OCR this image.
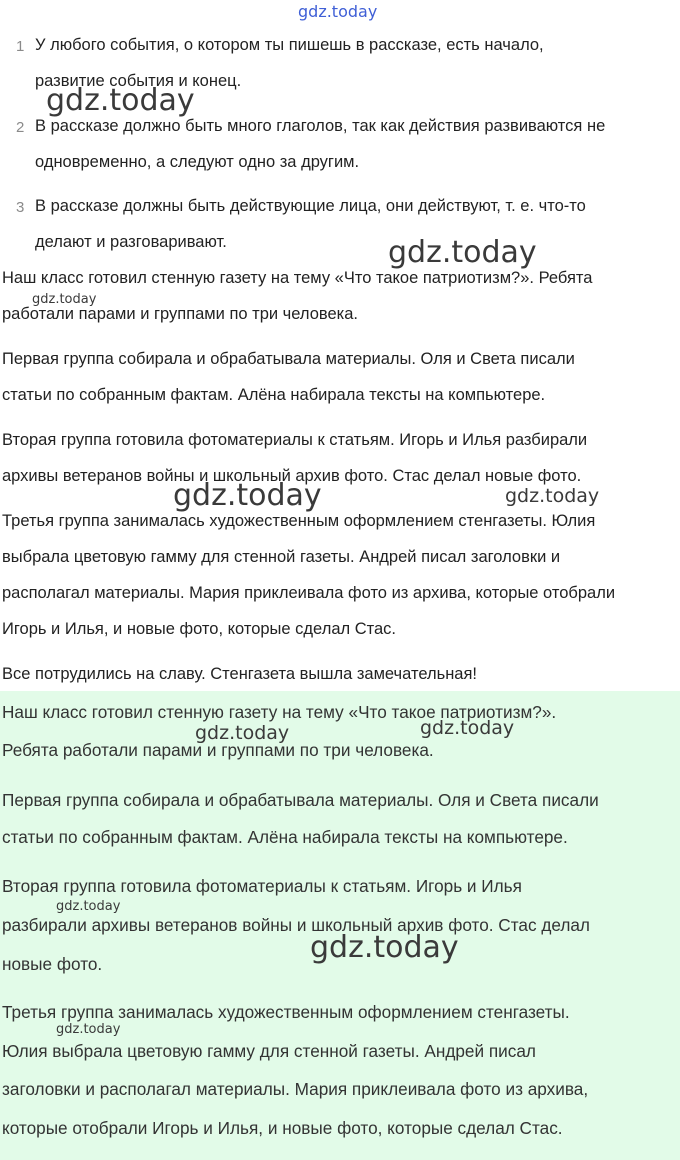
gdz.today
1 У любого события, о котором ты пишешь в рассказе, есть начало,
развитие события и конец.
2 В рассказе должно быть много глаголов, так как действия развиваются не
одновременно, а следуют одно за другим.
3 В рассказе должны быть действующие лица, они действуют, т. е. что-то
делают и разговаривают.
Наш класс готовил стенную газету на тему «Что такое патриотизм?». Ребята
работали парами и группами по три человека.
Первая группа собирала и обрабатывала материалы. Оля и Света писали
статьи по собранным фактам. Алёна набирала тексты на компьютере.
Вторая группа готовила фотоматериалы к статьям. Игорь и Илья разбирали
архивы ветеранов войны и школьный архив фото. Стас делал новые фото.
Третья группа занималась художественным оформлением стенгазеты. Юлия
выбрала цветовую гамму для стенной газеты. Андрей писал заголовки и
располагал материалы. Мария приклеивала фото из архива, которые отобрали
Игорь и Илья, и новые фото, которые сделал Стас.
Все потрудились на славу. Стенгазета вышла замечательная!
Наш класс готовил стенную газету на тему «Что такое патриотизм?».
Ребята работали парами и группами по три человека.
Первая группа собирала и обрабатывала материалы. Оля и Света писали
статьи по собранным фактам. Алёна набирала тексты на компьютере.
Вторая группа готовила фотоматериалы к статьям. Игорь и Илья
разбирали архивы ветеранов войны и школьный архив фото. Стас делал
новые фото.
Третья группа занималась художественным оформлением стенгазеты.
Юлия выбрала цветовую гамму для стенной газеты. Андрей писал
заголовки и располагал материалы. Мария приклеивала фото из архива,
которые отобрали Игорь и Илья, и новые фото, которые сделал Стас.
gdz.today
gdz.today
gdz.today
gdz.today	gdz.today
gdz.today	gdz.today
gdz.today
gdz.today
gdz.today
